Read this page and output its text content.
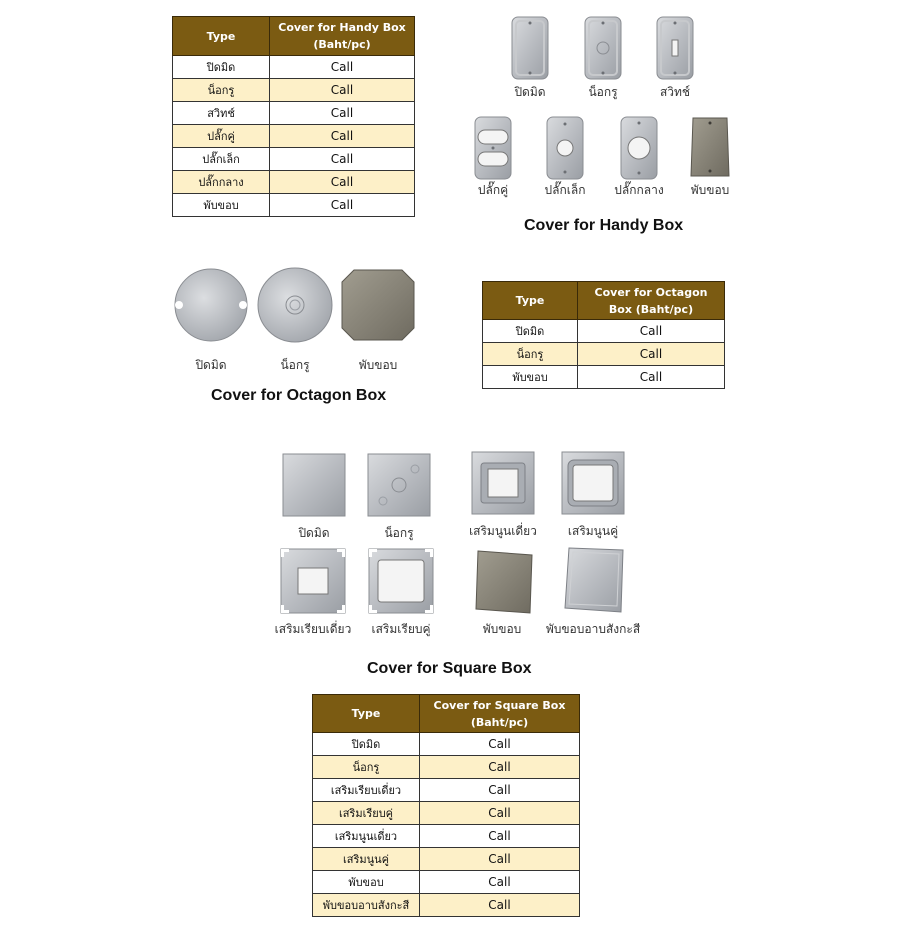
Type	Cover for Handy Box (Baht/pc)
ปิดมิด	Call
น็อกรู	Call
สวิทช์	Call
ปลั๊กคู่	Call
ปลั๊กเล็ก	Call
ปลั๊กกลาง	Call
พับขอบ	Call
ปิดมิด	น็อกรู	สวิทช์
ปลั๊กคู่	ปลั๊กเล็ก	ปลั๊กกลาง	พับขอบ
Cover for Handy Box
ปิดมิด	น็อกรู	พับขอบ
Cover for Octagon Box
Type	Cover for Octagon Box (Baht/pc)
ปิดมิด	Call
น็อกรู	Call
พับขอบ	Call
ปิดมิด	น็อกรู	เสริมนูนเดี่ยว	เสริมนูนคู่
เสริมเรียบเดี่ยว	เสริมเรียบคู่	พับขอบ	พับขอบอาบสังกะสี
Cover for Square Box
Type	Cover for Square Box (Baht/pc)
ปิดมิด	Call
น็อกรู	Call
เสริมเรียบเดี่ยว	Call
เสริมเรียบคู่	Call
เสริมนูนเดี่ยว	Call
เสริมนูนคู่	Call
พับขอบ	Call
พับขอบอาบสังกะสี	Call
